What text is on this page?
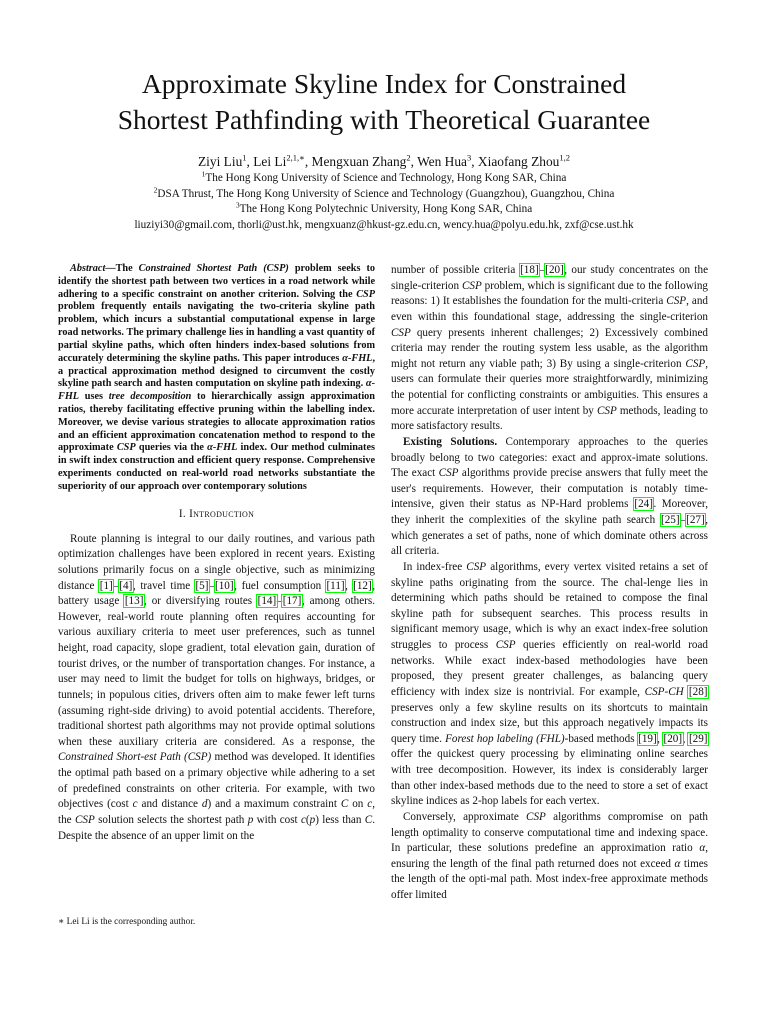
Approximate Skyline Index for Constrained
Shortest Pathfinding with Theoretical Guarantee
Ziyi Liu$^1$, Lei $Li^{2,1,∗}$, Mengxuan Zhang$^2$, Wen Hua$^3$, Xiaofang Zhou$^{1,2}$
$^1$The Hong Kong University of Science and Technology, Hong Kong SAR, China
$^2$DSA Thrust, The Hong Kong University of Science and Technology (Guangzhou), Guangzhou, China
$^3$The Hong Kong Polytechnic University, Hong Kong SAR, China
liuziyi30@gmail.com, thorli@ust.hk, mengxuanz@hkust-gz.edu.cn, wency.hua@polyu.edu.hk, zxf@cse.ust.hk

Abstract—The Constrained Shortest Path (CSP) problem seeks to identify the shortest path between two vertices in a road network while adhering to a specific constraint on another criterion. Solving the CSP problem frequently entails navigating the two-criteria skyline path problem, which incurs a substantial computational expense in large road networks. The primary challenge lies in handling a vast quantity of partial skyline paths, which often hinders index-based solutions from accurately determining the skyline paths. This paper introduces α-FHL, a practical approximation method designed to circumvent the costly skyline path search and hasten computation on skyline path indexing. α-FHL uses tree decomposition to hierarchically assign approximation ratios, thereby facilitating effective pruning within the labelling index. Moreover, we devise various strategies to allocate approximation ratios and an efficient approximation concatenation method to respond to the approximate CSP queries via the α-FHL index. Our method culminates in swift index construction and efficient query response. Comprehensive experiments conducted on real-world road networks substantiate the superiority of our approach over contemporary solutions

I. Introduction

Route planning is integral to our daily routines, and various path optimization challenges have been explored in recent years. Existing solutions primarily focus on a single objective, such as minimizing distance [1]–[4], travel time [5]–[10], fuel consumption [11], [12], battery usage [13], or diversifying routes [14]–[17], among others. However, real-world route planning often requires accounting for various auxiliary criteria to meet user preferences, such as tunnel height, road capacity, slope gradient, total elevation gain, duration of tourist drives, or the number of transportation changes. For instance, a user may need to limit the budget for tolls on highways, bridges, or tunnels; in populous cities, drivers often aim to make fewer left turns (assuming right-side driving) to avoid potential accidents. Therefore, traditional shortest path algorithms may not provide optimal solutions when these auxiliary criteria are considered. As a response, the Constrained Short-est Path (CSP) method was developed. It identifies the optimal path based on a primary objective while adhering to a set of predefined constraints on other criteria. For example, with two objectives (cost c and distance d) and a maximum constraint C on c, the CSP solution selects the shortest path p with cost c(p) less than C. Despite the absence of an upper limit on the

number of possible criteria [18]–[20], our study concentrates on the single-criterion CSP problem, which is significant due to the following reasons: 1) It establishes the foundation for the multi-criteria CSP, and even within this foundational stage, addressing the single-criterion CSP query presents inherent challenges; 2) Excessively combined criteria may render the routing system less usable, as the algorithm might not return any viable path; 3) By using a single-criterion CSP, users can formulate their queries more straightforwardly, minimizing the potential for conflicting constraints or ambiguities. This ensures a more accurate interpretation of user intent by CSP methods, leading to more satisfactory results.

Existing Solutions. Contemporary approaches to the queries broadly belong to two categories: exact and approx-imate solutions. The exact CSP algorithms provide precise answers that fully meet the user's requirements. However, their computation is notably time-intensive, given their status as NP-Hard problems [24]. Moreover, they inherit the complexities of the skyline path search [25]–[27], which generates a set of paths, none of which dominate others across all criteria.

In index-free CSP algorithms, every vertex visited retains a set of skyline paths originating from the source. The chal-lenge lies in determining which paths should be retained to compose the final skyline path for subsequent searches. This process results in significant memory usage, which is why an exact index-free solution struggles to process CSP queries efficiently on real-world road networks. While exact index-based methodologies have been proposed, they present greater challenges, as balancing query efficiency with index size is nontrivial. For example, CSP-CH [28] preserves only a few skyline results on its shortcuts to maintain construction and index size, but this approach negatively impacts its query time. Forest hop labeling (FHL)-based methods [19], [20], [29] offer the quickest query processing by eliminating online searches with tree decomposition. However, its index is considerably larger than other index-based methods due to the need to store a set of exact skyline indices as 2-hop labels for each vertex.

Conversely, approximate CSP algorithms compromise on path length optimality to conserve computational time and indexing space. In particular, these solutions predefine an approximation ratio α, ensuring the length of the final path returned does not exceed α times the length of the opti-mal path. Most index-free approximate methods offer limited

∗ Lei Li is the corresponding author.
